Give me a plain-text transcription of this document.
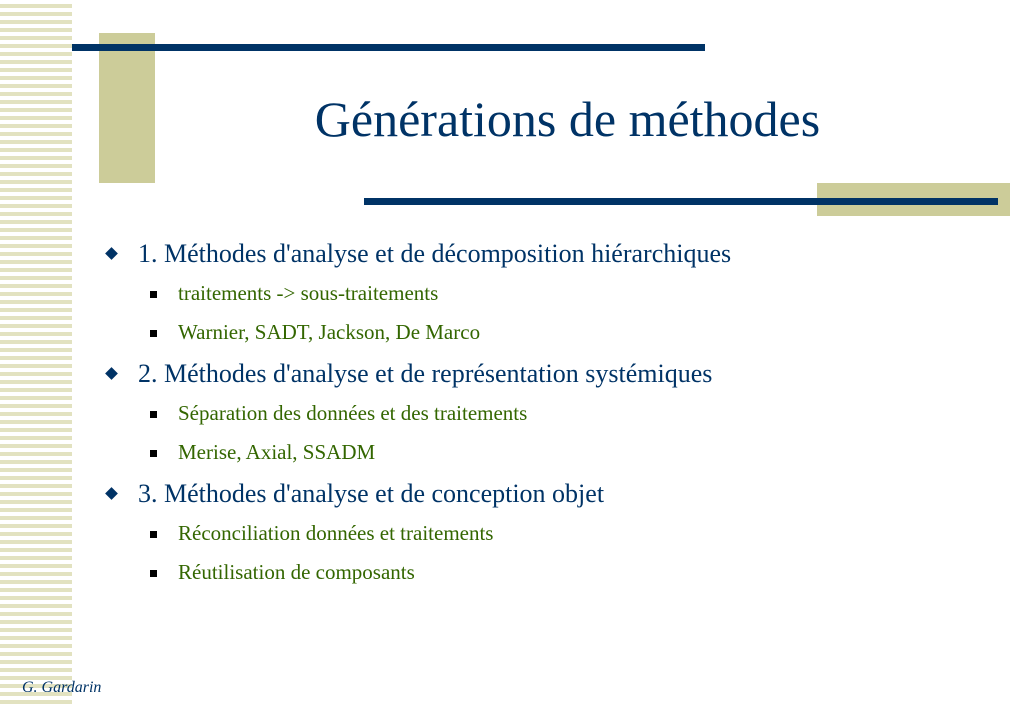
Générations de méthodes
1. Méthodes d'analyse et de décomposition hiérarchiques
traitements -> sous-traitements
Warnier, SADT, Jackson, De Marco
2. Méthodes d'analyse et de représentation systémiques
Séparation des données et des traitements
Merise, Axial, SSADM
3. Méthodes d'analyse et de conception objet
Réconciliation données et traitements
Réutilisation de composants
G. Gardarin
